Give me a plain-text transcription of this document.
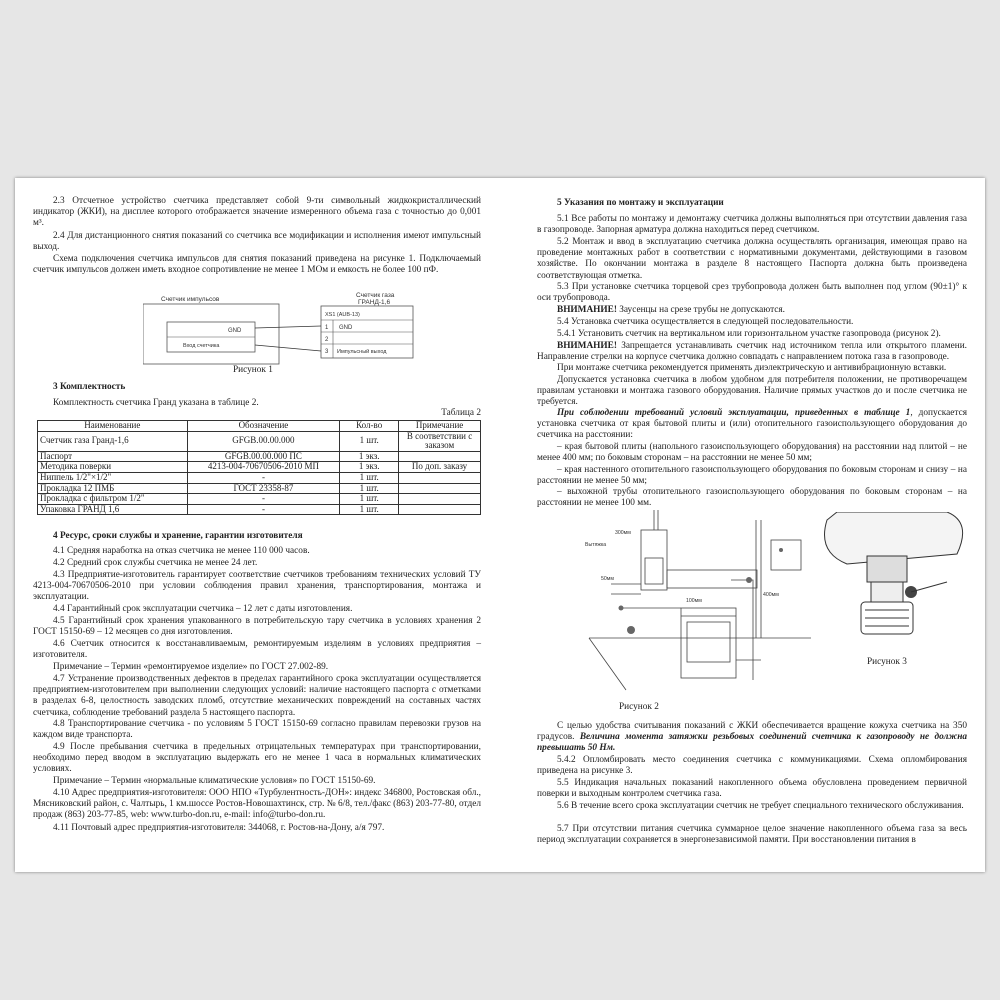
2.3 Отсчетное устройство счетчика представляет собой 9-ти символьный жидкокристаллический индикатор (ЖКИ), на дисплее которого отображается значение измеренного объема газа с точностью до 0,001 м³.

2.4 Для дистанционного снятия показаний со счетчика все модификации и исполнения имеют импульсный выход.

Схема подключения счетчика импульсов для снятия показаний приведена на рисунке 1. Подключаемый счетчик импульсов должен иметь входное сопротивление не менее 1 МОм и емкость не более 100 пФ.

Счетчик импульсов
GND
Вход счетчика
Счетчик газа
ГРАНД-1,6
XS1 (AUB-13)
1
2
3
GND
Импульсный выход
Рисунок 1

3 Комплектность

Комплектность счетчика Гранд указана в таблице 2.

Таблица 2
Наименование	Обозначение	Кол-во	Примечание
Счетчик газа Гранд-1,6	GFGB.00.00.000	1 шт.	В соответствии с заказом
Паспорт	GFGB.00.00.000 ПС	1 экз.	
Методика поверки	4213-004-70670506-2010 МП	1 экз.	По доп. заказу
Ниппель 1/2"×1/2"	-	1 шт.	
Прокладка 12 ПМБ	ГОСТ 23358-87	1 шт.	
Прокладка с фильтром 1/2"	-	1 шт.	
Упаковка ГРАНД 1,6	-	1 шт.	

4 Ресурс, сроки службы и хранение, гарантии изготовителя

4.1 Средняя наработка на отказ счетчика не менее 110 000 часов.

4.2 Средний срок службы счетчика не менее 24 лет.

4.3 Предприятие-изготовитель гарантирует соответствие счетчиков требованиям технических условий ТУ 4213-004-70670506-2010 при условии соблюдения правил хранения, транспортирования, монтажа и эксплуатации.

4.4 Гарантийный срок эксплуатации счетчика – 12 лет с даты изготовления.

4.5 Гарантийный срок хранения упакованного в потребительскую тару счетчика в условиях хранения 2 ГОСТ 15150-69 – 12 месяцев со дня изготовления.

4.6 Счетчик относится к восстанавливаемым, ремонтируемым изделиям в условиях предприятия – изготовителя.

Примечание – Термин «ремонтируемое изделие» по ГОСТ 27.002-89.

4.7 Устранение производственных дефектов в пределах гарантийного срока эксплуатации осуществляется предприятием-изготовителем при выполнении следующих условий: наличие настоящего паспорта с отметками в разделах 6-8, целостность заводских пломб, отсутствие механических повреждений на составных частях счетчика, соблюдение требований раздела 5 настоящего паспорта.

4.8 Транспортирование счетчика - по условиям 5 ГОСТ 15150-69 согласно правилам перевозки грузов на каждом виде транспорта.

4.9 После пребывания счетчика в предельных отрицательных температурах при транспортировании, необходимо перед вводом в эксплуатацию выдержать его не менее 1 часа в нормальных климатических условиях.

Примечание – Термин «нормальные климатические условия» по ГОСТ 15150-69.

4.10 Адрес предприятия-изготовителя: ООО НПО «Турбулентность-ДОН»: индекс 346800, Ростовская обл., Мясниковский район, с. Чалтырь, 1 км.шоссе Ростов-Новошахтинск, стр. № 6/8, тел./факс (863) 203-77-80, отдел продаж (863) 203-77-85, web: www.turbo-don.ru, e-mail: info@turbo-don.ru.

4.11 Почтовый адрес предприятия-изготовителя: 344068, г. Ростов-на-Дону, а/я 797.

5 Указания по монтажу и эксплуатации

5.1 Все работы по монтажу и демонтажу счетчика должны выполняться при отсутствии давления газа в газопроводе. Запорная арматура должна находиться перед счетчиком.

5.2 Монтаж и ввод в эксплуатацию счетчика должна осуществлять организация, имеющая право на проведение монтажных работ в соответствии с нормативными документами, действующими в газовом хозяйстве. По окончании монтажа в разделе 8 настоящего Паспорта должна быть произведена соответствующая отметка.

5.3 При установке счетчика торцевой срез трубопровода должен быть выполнен под углом (90±1)° к оси трубопровода.

ВНИМАНИЕ! Заусенцы на срезе трубы не допускаются.

5.4 Установка счетчика осуществляется в следующей последовательности.

5.4.1 Установить счетчик на вертикальном или горизонтальном участке газопровода (рисунок 2).

ВНИМАНИЕ! Запрещается устанавливать счетчик над источником тепла или открытого пламени. Направление стрелки на корпусе счетчика должно совпадать с направлением потока газа в газопроводе.

При монтаже счетчика рекомендуется применять диэлектрическую и антивибрационную вставки.

Допускается установка счетчика в любом удобном для потребителя положении, не противоречащем правилам установки и монтажа газового оборудования. Наличие прямых участков до и после счетчика не требуется.

При соблюдении требований условий эксплуатации, приведенных в таблице 1, допускается установка счетчика от края бытовой плиты и (или) отопительного газоиспользующего оборудования до счетчика на расстоянии:

– края бытовой плиты (напольного газоиспользующего оборудования) на расстоянии над плитой – не менее 400 мм; по боковым сторонам – на расстоянии не менее 50 мм;

– края настенного отопительного газоиспользующего оборудования по боковым сторонам и снизу – на расстоянии не менее 50 мм;

– выхожной трубы отопительного газоиспользующего оборудования по боковым сторонам – на расстоянии не менее 100 мм.

Вытяжка
300мм
50мм
100мм
400мм
Рисунок 2
Рисунок 3

С целью удобства считывания показаний с ЖКИ обеспечивается вращение кожуха счетчика на 350 градусов. Величина момента затяжки резьбовых соединений счетчика к газопроводу не должна превышать 50 Нм.

5.4.2 Опломбировать место соединения счетчика с коммуникациями. Схема опломбирования приведена на рисунке 3.

5.5 Индикация начальных показаний накопленного объема обусловлена проведением первичной поверки и выходным контролем счетчика газа.

5.6 В течение всего срока эксплуатации счетчик не требует специального технического обслуживания.

5.7 При отсутствии питания счетчика суммарное целое значение накопленного объема газа за весь период эксплуатации сохраняется в энергонезависимой памяти. При восстановлении питания в
